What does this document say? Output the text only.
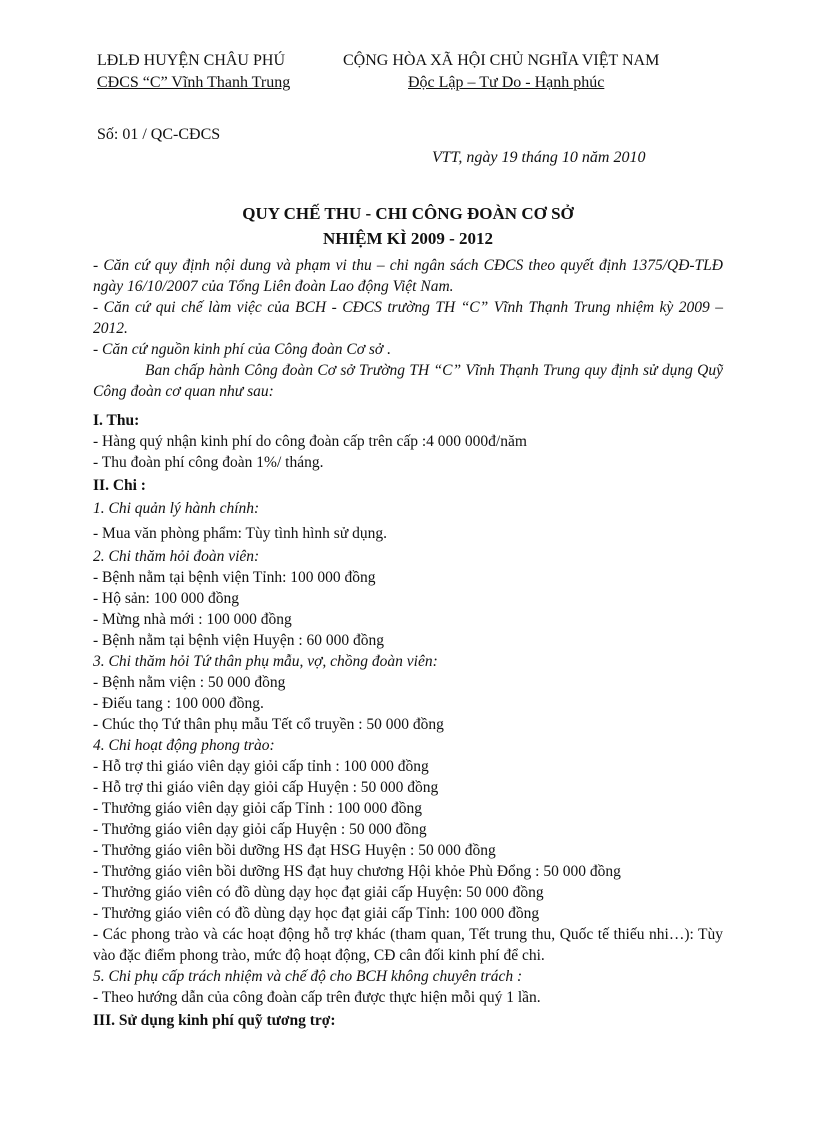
LĐLĐ HUYỆN CHÂU PHÚ
CĐCS “C” Vĩnh Thanh Trung
CỘNG HÒA XÃ HỘI CHỦ NGHĨA VIỆT NAM
Độc Lập – Tư Do - Hạnh phúc
Số: 01 / QC-CĐCS
VTT, ngày 19 tháng 10 năm 2010
QUY CHẾ THU - CHI CÔNG ĐOÀN CƠ SỞ
NHIỆM KÌ 2009 - 2012

- Căn cứ quy định nội dung và phạm vi thu – chi ngân sách CĐCS theo quyết định 1375/QĐ-TLĐ ngày 16/10/2007 của Tổng Liên đoàn Lao động Việt Nam.

- Căn cứ qui chế làm việc của BCH - CĐCS trường TH “C” Vĩnh Thạnh Trung nhiệm kỳ 2009 – 2012.

- Căn cứ nguồn kinh phí của Công đoàn Cơ sở .

Ban chấp hành Công đoàn Cơ sở Trường TH “C” Vĩnh Thạnh Trung quy định sử dụng Quỹ Công đoàn cơ quan như sau:

I. Thu:

- Hàng quý nhận kinh phí do công đoàn cấp trên cấp :4 000 000đ/năm

- Thu đoàn phí công đoàn 1%/ tháng.

II. Chi :

1. Chi quản lý hành chính:

- Mua văn phòng phẩm: Tùy tình hình sử dụng.

2. Chi thăm hỏi đoàn viên:

- Bệnh nằm tại bệnh viện Tỉnh: 100 000 đồng

- Hộ sản: 100 000 đồng

- Mừng nhà mới : 100 000 đồng

- Bệnh nằm tại bệnh viện Huyện : 60 000 đồng

3. Chi thăm hỏi Tứ thân phụ mẫu, vợ, chồng đoàn viên:

- Bệnh nằm viện : 50 000 đồng

- Điếu tang : 100 000 đồng.

- Chúc thọ Tứ thân phụ mẫu Tết cổ truyền : 50 000 đồng

4. Chi hoạt động phong trào:

- Hỗ trợ thi giáo viên dạy giỏi cấp tỉnh : 100 000 đồng

- Hỗ trợ thi giáo viên dạy giỏi cấp Huyện : 50 000 đồng

- Thưởng giáo viên dạy giỏi cấp Tỉnh : 100 000 đồng

- Thưởng giáo viên dạy giỏi cấp Huyện : 50 000 đồng

- Thưởng giáo viên bồi dưỡng HS đạt HSG Huyện : 50 000 đồng

- Thưởng giáo viên bồi dưỡng HS đạt huy chương Hội khỏe Phù Đổng : 50 000 đồng

- Thưởng giáo viên có đồ dùng dạy học đạt giải cấp Huyện: 50 000 đồng

- Thưởng giáo viên có đồ dùng dạy học đạt giải cấp Tỉnh: 100 000 đồng

- Các phong trào và các hoạt động hỗ trợ khác (tham quan, Tết trung thu, Quốc tế thiếu nhi…): Tùy vào đặc điểm phong trào, mức độ hoạt động, CĐ cân đối kinh phí để chi.

5. Chi phụ cấp trách nhiệm và chế độ cho BCH không chuyên trách :

- Theo hướng dẫn của công đoàn cấp trên được thực hiện mỗi quý 1 lần.

III. Sử dụng kinh phí quỹ tương trợ:
